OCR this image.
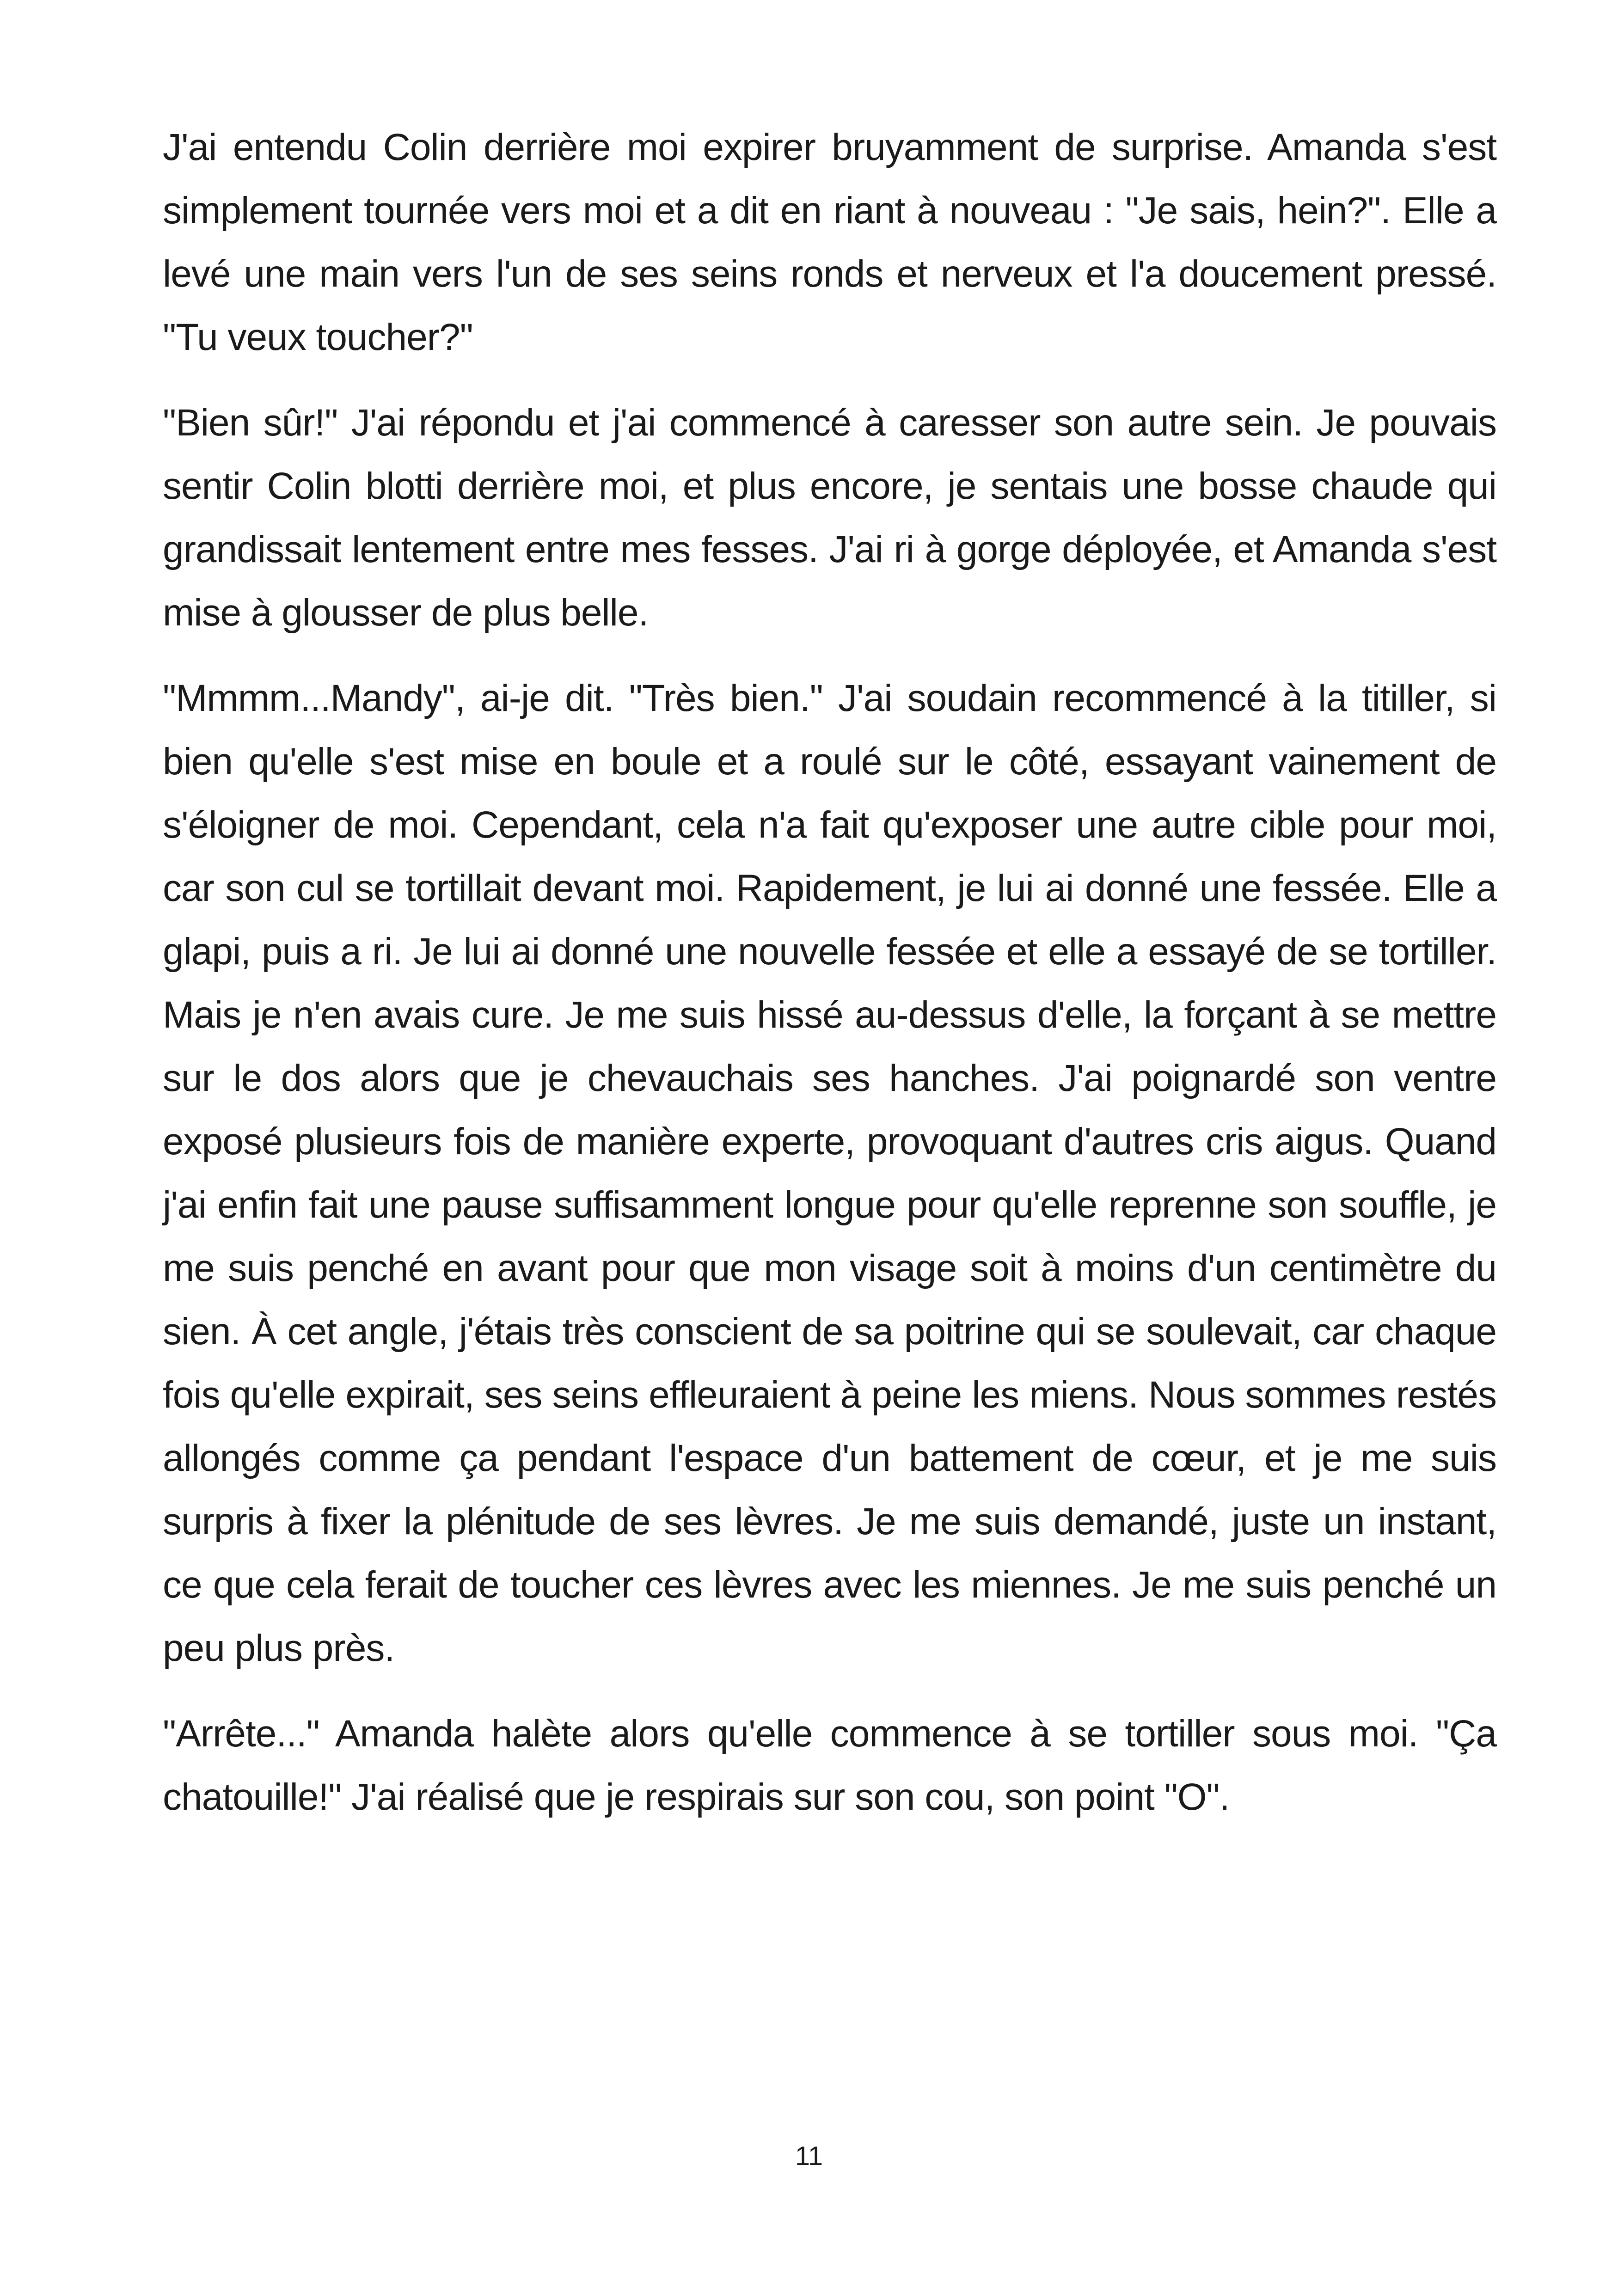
J'ai entendu Colin derrière moi expirer bruyamment de surprise. Amanda s'est simplement tournée vers moi et a dit en riant à nouveau : "Je sais, hein?". Elle a levé une main vers l'un de ses seins ronds et nerveux et l'a doucement pressé. "Tu veux toucher?"

"Bien sûr!" J'ai répondu et j'ai commencé à caresser son autre sein. Je pouvais sentir Colin blotti derrière moi, et plus encore, je sentais une bosse chaude qui grandissait lentement entre mes fesses. J'ai ri à gorge déployée, et Amanda s'est mise à glousser de plus belle.

"Mmmm...Mandy", ai-je dit. "Très bien." J'ai soudain recommencé à la titiller, si bien qu'elle s'est mise en boule et a roulé sur le côté, essayant vainement de s'éloigner de moi. Cependant, cela n'a fait qu'exposer une autre cible pour moi, car son cul se tortillait devant moi. Rapidement, je lui ai donné une fessée. Elle a glapi, puis a ri. Je lui ai donné une nouvelle fessée et elle a essayé de se tortiller. Mais je n'en avais cure. Je me suis hissé au-dessus d'elle, la forçant à se mettre sur le dos alors que je chevauchais ses hanches. J'ai poignardé son ventre exposé plusieurs fois de manière experte, provoquant d'autres cris aigus. Quand j'ai enfin fait une pause suffisamment longue pour qu'elle reprenne son souffle, je me suis penché en avant pour que mon visage soit à moins d'un centimètre du sien. À cet angle, j'étais très conscient de sa poitrine qui se soulevait, car chaque fois qu'elle expirait, ses seins effleuraient à peine les miens. Nous sommes restés allongés comme ça pendant l'espace d'un battement de cœur, et je me suis surpris à fixer la plénitude de ses lèvres. Je me suis demandé, juste un instant, ce que cela ferait de toucher ces lèvres avec les miennes. Je me suis penché un peu plus près.

"Arrête..." Amanda halète alors qu'elle commence à se tortiller sous moi. "Ça chatouille!" J'ai réalisé que je respirais sur son cou, son point "O".

11
